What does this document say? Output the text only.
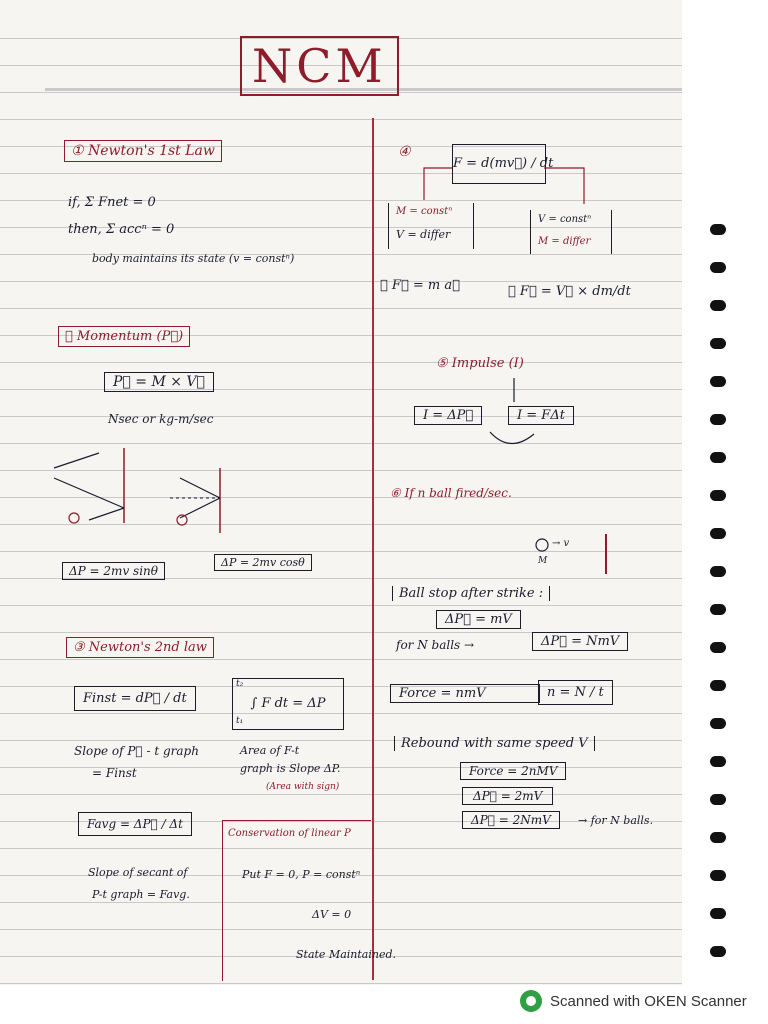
NCM
① Newton's 1st Law
if, Σ Fnet = 0
then, Σ accⁿ = 0
body maintains its state (v = constⁿ)
② Momentum (P⃗)
P⃗ = M × V⃗
Nsec or kg-m/sec
ΔP = 2mv sinθ
ΔP = 2mv cosθ
③ Newton's 2nd law
Finst = dP⃗ / dt	∫ F dt = ΔP
t₂
t₁
Slope of P⃗ - t graph
= Finst
Area of F-t
graph is Slope ΔP.
(Area with sign)
Favg = ΔP⃗ / Δt
Slope of secant of
P-t graph = Favg.
Conservation of linear P
Put F = 0, P = constⁿ
ΔV = 0
State Maintained.
④
F = d(mv⃗) / dt
M = constⁿ
V = differ
V = constⁿ
M = differ
★ F⃗ = m a⃗	★ F⃗ = V⃗ × dm/dt
⑤ Impulse (I)
I = ΔP⃗	I = FΔt
⑥ If n ball fired/sec.
→ v
M
Ball stop after strike :
ΔP⃗ = mV
for N balls →	ΔP⃗ = NmV
Force = nmV	n = N / t
Rebound with same speed V
Force = 2nMV
ΔP⃗ = 2mV
ΔP⃗ = 2NmV	→ for N balls.
Scanned with OKEN Scanner
